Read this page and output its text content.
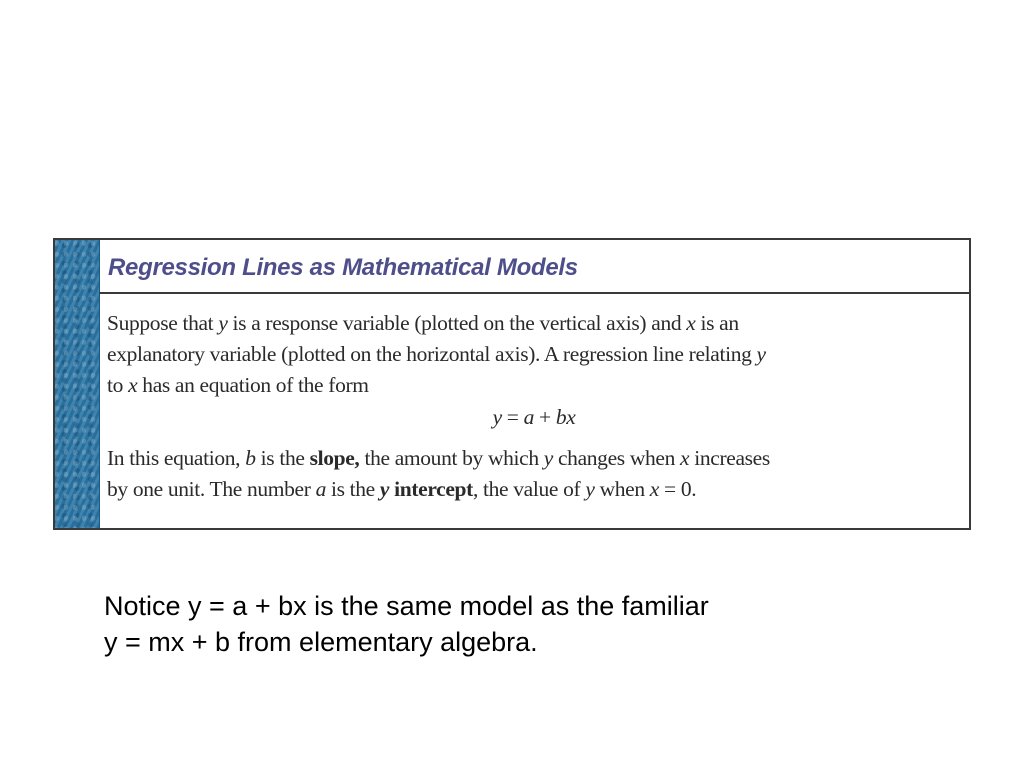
Regression Lines as Mathematical Models

Suppose that y is a response variable (plotted on the vertical axis) and x is an
explanatory variable (plotted on the horizontal axis). A regression line relating y
to x has an equation of the form

y = a + bx

In this equation, b is the slope, the amount by which y changes when x increases
by one unit. The number a is the y intercept, the value of y when x = 0.

Notice y = a + bx is the same model as the familiar
y = mx + b from elementary algebra.
